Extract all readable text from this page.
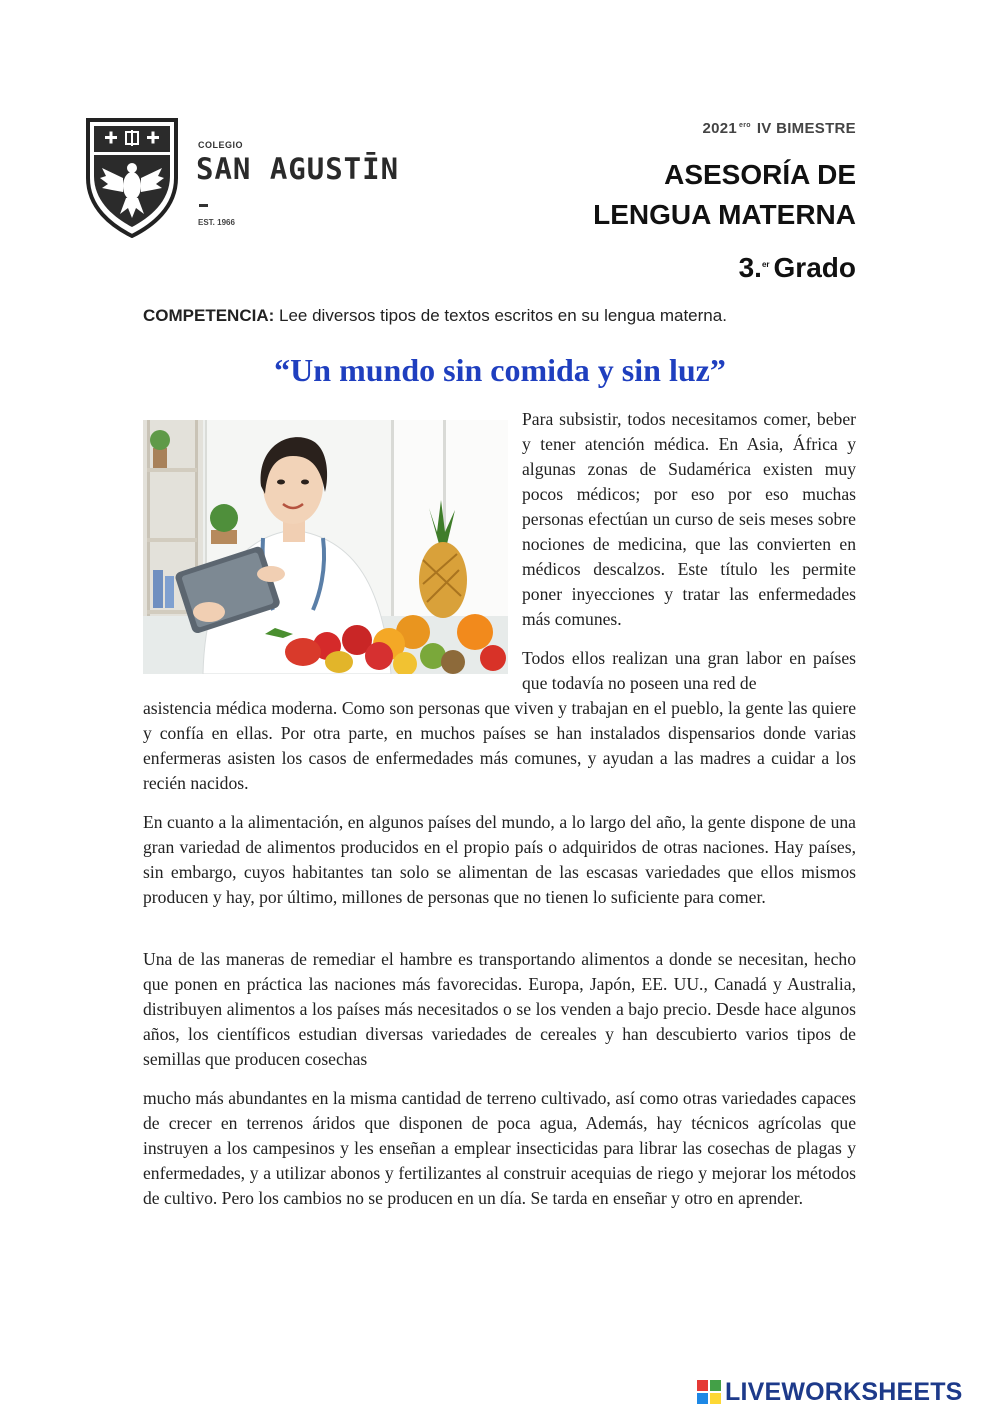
COLEGIO
SAN AGUSTĪN
EST. 1966
2021 $^{ero}$ IV BIMESTRE
ASESORÍA DE
LENGUA MATERNA
3.$^{er}$ Grado
COMPETENCIA: Lee diversos tipos de textos escritos en su lengua materna.
“Un mundo sin comida y sin luz”

Para subsistir, todos necesitamos comer, beber y tener atención médica. En Asia, África y algunas zonas de Sudamérica existen muy pocos médicos; por eso por eso muchas personas efectúan un curso de seis meses sobre nociones de medicina, que las convierten en médicos descalzos. Este título les permite poner inyecciones y tratar las enfermedades más comunes.

Todos ellos realizan una gran labor en países que todavía no poseen una red de

asistencia médica moderna. Como son personas que viven y trabajan en el pueblo, la gente las quiere y confía en ellas. Por otra parte, en muchos países se han instalados dispensarios donde varias enfermeras asisten los casos de enfermedades más comunes, y ayudan a las madres a cuidar a los recién nacidos.

En cuanto a la alimentación, en algunos países del mundo, a lo largo del año, la gente dispone de una gran variedad de alimentos producidos en el propio país o adquiridos de otras naciones. Hay países, sin embargo, cuyos habitantes tan solo se alimentan de las escasas variedades que ellos mismos producen y hay, por último, millones de personas que no tienen lo suficiente para comer.

Una de las maneras de remediar el hambre es transportando alimentos a donde se necesitan, hecho que ponen en práctica las naciones más favorecidas. Europa, Japón, EE. UU., Canadá y Australia, distribuyen alimentos a los países más necesitados o se los venden a bajo precio. Desde hace algunos años, los científicos estudian diversas variedades de cereales y han descubierto varios tipos de semillas que producen cosechas

mucho más abundantes en la misma cantidad de terreno cultivado, así como otras variedades capaces de crecer en terrenos áridos que disponen de poca agua, Además, hay técnicos agrícolas que instruyen a los campesinos y les enseñan a emplear insecticidas para librar las cosechas de plagas y enfermedades, y a utilizar abonos y fertilizantes al construir acequias de riego y mejorar los métodos de cultivo. Pero los cambios no se producen en un día. Se tarda en enseñar y otro en aprender.

LIVEWORKSHEETS
